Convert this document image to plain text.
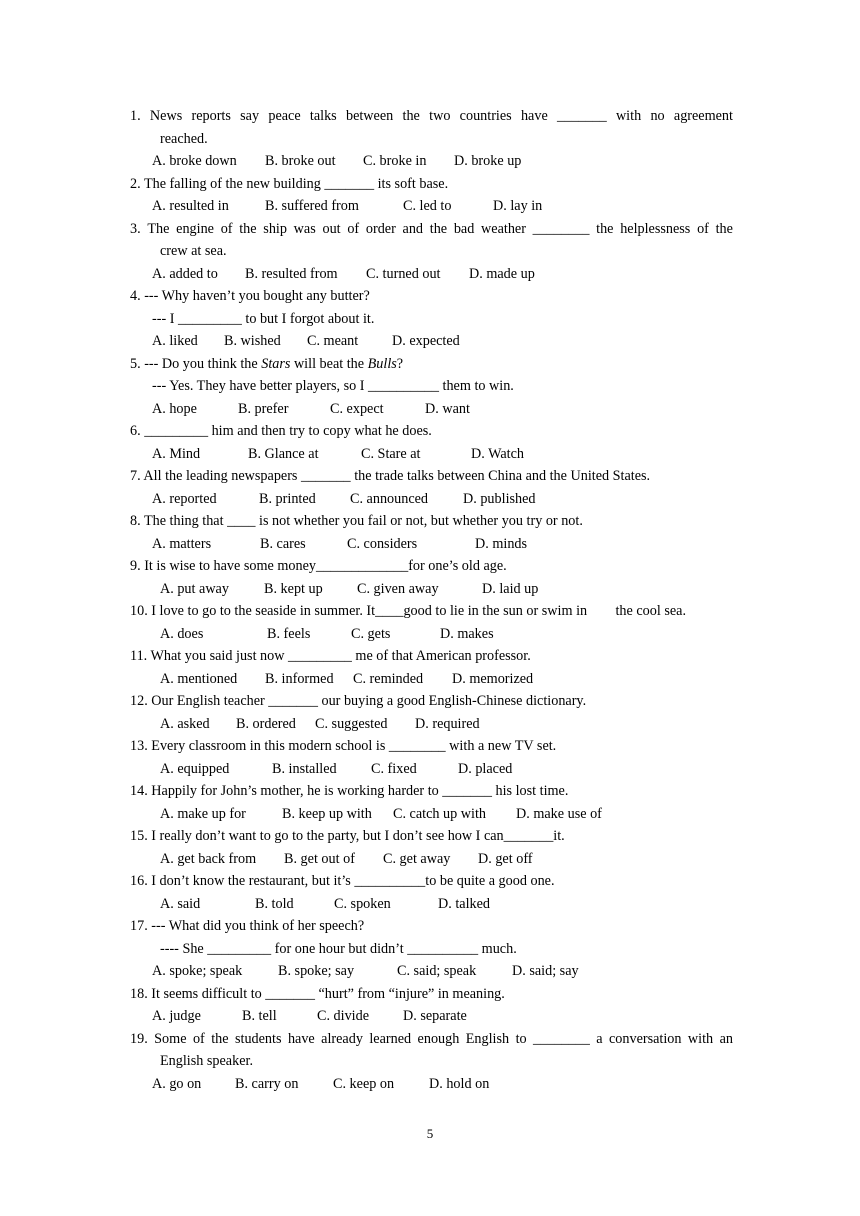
1. News reports say peace talks between the two countries have _______ with no agreement
reached.
A. broke down	B. broke out	C. broke in	D. broke up
2. The falling of the new building _______ its soft base.
A. resulted in	B. suffered from	C. led to	D. lay in
3. The engine of the ship was out of order and the bad weather ________ the helplessness of the
crew at sea.
A. added to	B. resulted from	C. turned out	D. made up
4. --- Why haven’t you bought any butter?
--- I _________ to but I forgot about it.
A. liked	B. wished	C. meant	D. expected
5. --- Do you think the Stars will beat the Bulls?
--- Yes. They have better players, so I __________ them to win.
A. hope	B. prefer	C. expect	D. want
6. _________ him and then try to copy what he does.
A. Mind	B. Glance at	C. Stare at	D. Watch
7. All the leading newspapers _______ the trade talks between China and the United States.
A. reported	B. printed	C. announced	D. published
8. The thing that ____ is not whether you fail or not, but whether you try or not.
A. matters	B. cares	C. considers	D. minds
9. It is wise to have some money_____________for one’s old age.
A. put away	B. kept up	C. given away	D. laid up
10. I love to go to the seaside in summer. It____good to lie in the sun or swim in        the cool sea.
A. does	B. feels	C. gets	D. makes
11. What you said just now _________ me of that American professor.
A. mentioned	B. informed	C. reminded	D. memorized
12. Our English teacher _______ our buying a good English-Chinese dictionary.
A. asked	B. ordered	C. suggested	D. required
13. Every classroom in this modern school is ________ with a new TV set.
A. equipped	B. installed	C. fixed	D. placed
14. Happily for John’s mother, he is working harder to _______ his lost time.
A. make up for	B. keep up with	C. catch up with	D. make use of
15. I really don’t want to go to the party, but I don’t see how I can_______it.
A. get back from	B. get out of	C. get away	D. get off
16. I don’t know the restaurant, but it’s __________to be quite a good one.
A. said	B. told	C. spoken	D. talked
17. --- What did you think of her speech?
---- She _________ for one hour but didn’t __________ much.
A. spoke; speak	B. spoke; say	C. said; speak	D. said; say
18. It seems difficult to _______ “hurt” from “injure” in meaning.
A. judge	B. tell	C. divide	D. separate
19. Some of the students have already learned enough English to ________ a conversation with an
English speaker.
A. go on	B. carry on	C. keep on	D. hold on
5
